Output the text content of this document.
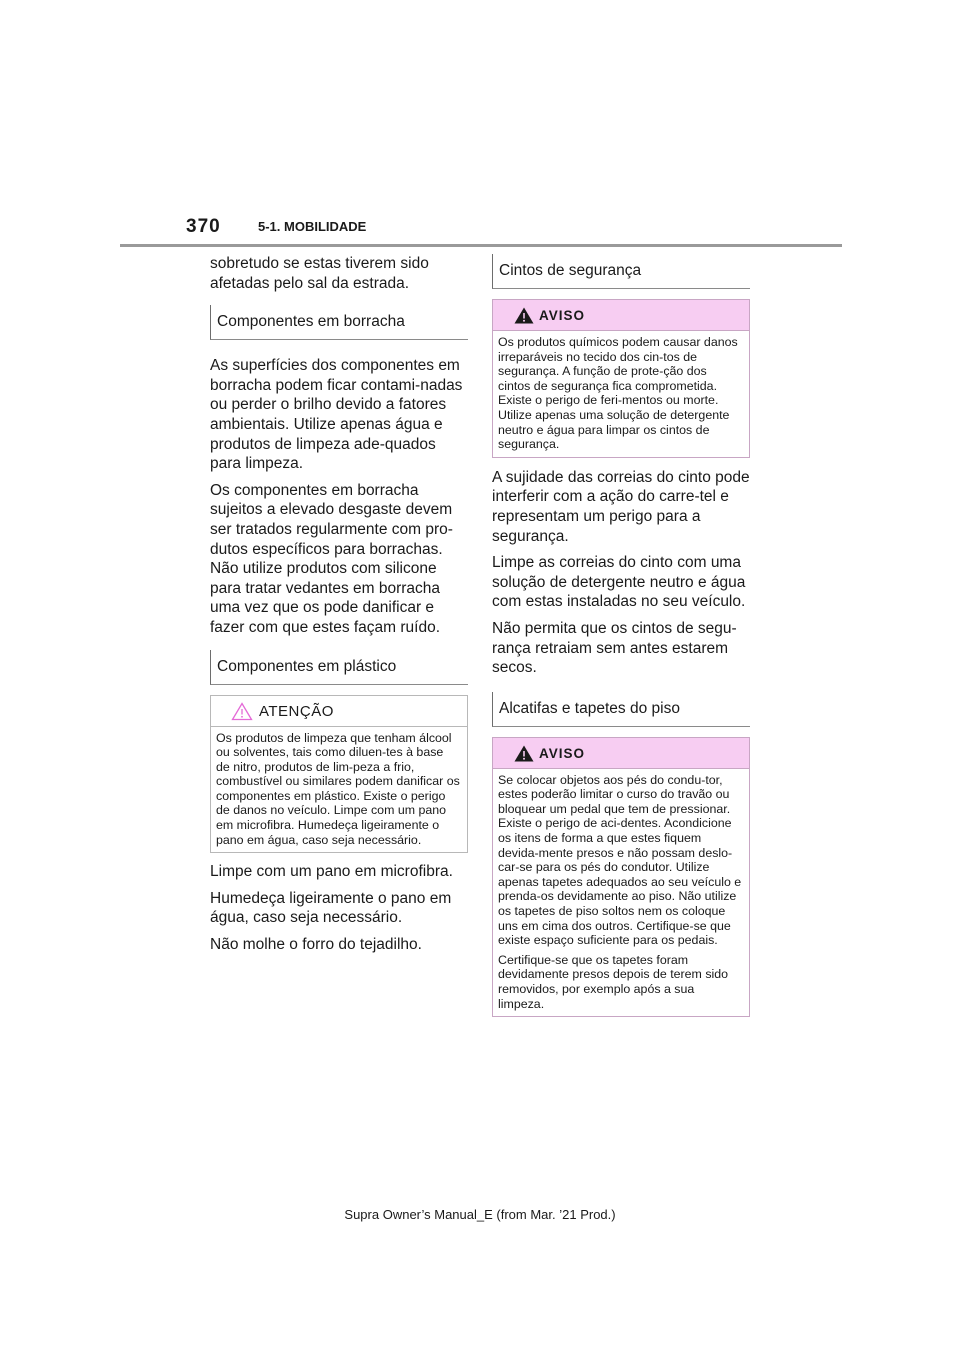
370	5-1. MOBILIDADE

sobretudo se estas tiverem sido afetadas pelo sal da estrada.

Componentes em borracha

As superfícies dos componentes em borracha podem ficar contami-nadas ou perder o brilho devido a fatores ambientais. Utilize apenas água e produtos de limpeza ade-quados para limpeza.

Os componentes em borracha sujeitos a elevado desgaste devem ser tratados regularmente com pro-dutos específicos para borrachas. Não utilize produtos com silicone para tratar vedantes em borracha uma vez que os pode danificar e fazer com que estes façam ruído.

Componentes em plástico
ATENÇÃO

Os produtos de limpeza que tenham álcool ou solventes, tais como diluen-tes à base de nitro, produtos de lim-peza a frio, combustível ou similares podem danificar os componentes em plástico. Existe o perigo de danos no veículo. Limpe com um pano em microfibra. Humedeça ligeiramente o pano em água, caso seja necessário.

Limpe com um pano em microfibra.

Humedeça ligeiramente o pano em água, caso seja necessário.

Não molhe o forro do tejadilho.

Cintos de segurança
AVISO

Os produtos químicos podem causar danos irreparáveis no tecido dos cin-tos de segurança. A função de prote-ção dos cintos de segurança fica comprometida. Existe o perigo de feri-mentos ou morte. Utilize apenas uma solução de detergente neutro e água para limpar os cintos de segurança.

A sujidade das correias do cinto pode interferir com a ação do carre-tel e representam um perigo para a segurança.

Limpe as correias do cinto com uma solução de detergente neutro e água com estas instaladas no seu veículo.

Não permita que os cintos de segu-rança retraiam sem antes estarem secos.

Alcatifas e tapetes do piso
AVISO

Se colocar objetos aos pés do condu-tor, estes poderão limitar o curso do travão ou bloquear um pedal que tem de pressionar. Existe o perigo de aci-dentes. Acondicione os itens de forma a que estes fiquem devida-mente presos e não possam deslo-car-se para os pés do condutor. Utilize apenas tapetes adequados ao seu veículo e prenda-os devidamente ao piso. Não utilize os tapetes de piso soltos nem os coloque uns em cima dos outros. Certifique-se que existe espaço suficiente para os pedais.

Certifique-se que os tapetes foram devidamente presos depois de terem sido removidos, por exemplo após a sua limpeza.

Supra Owner’s Manual_E (from Mar. ’21 Prod.)
